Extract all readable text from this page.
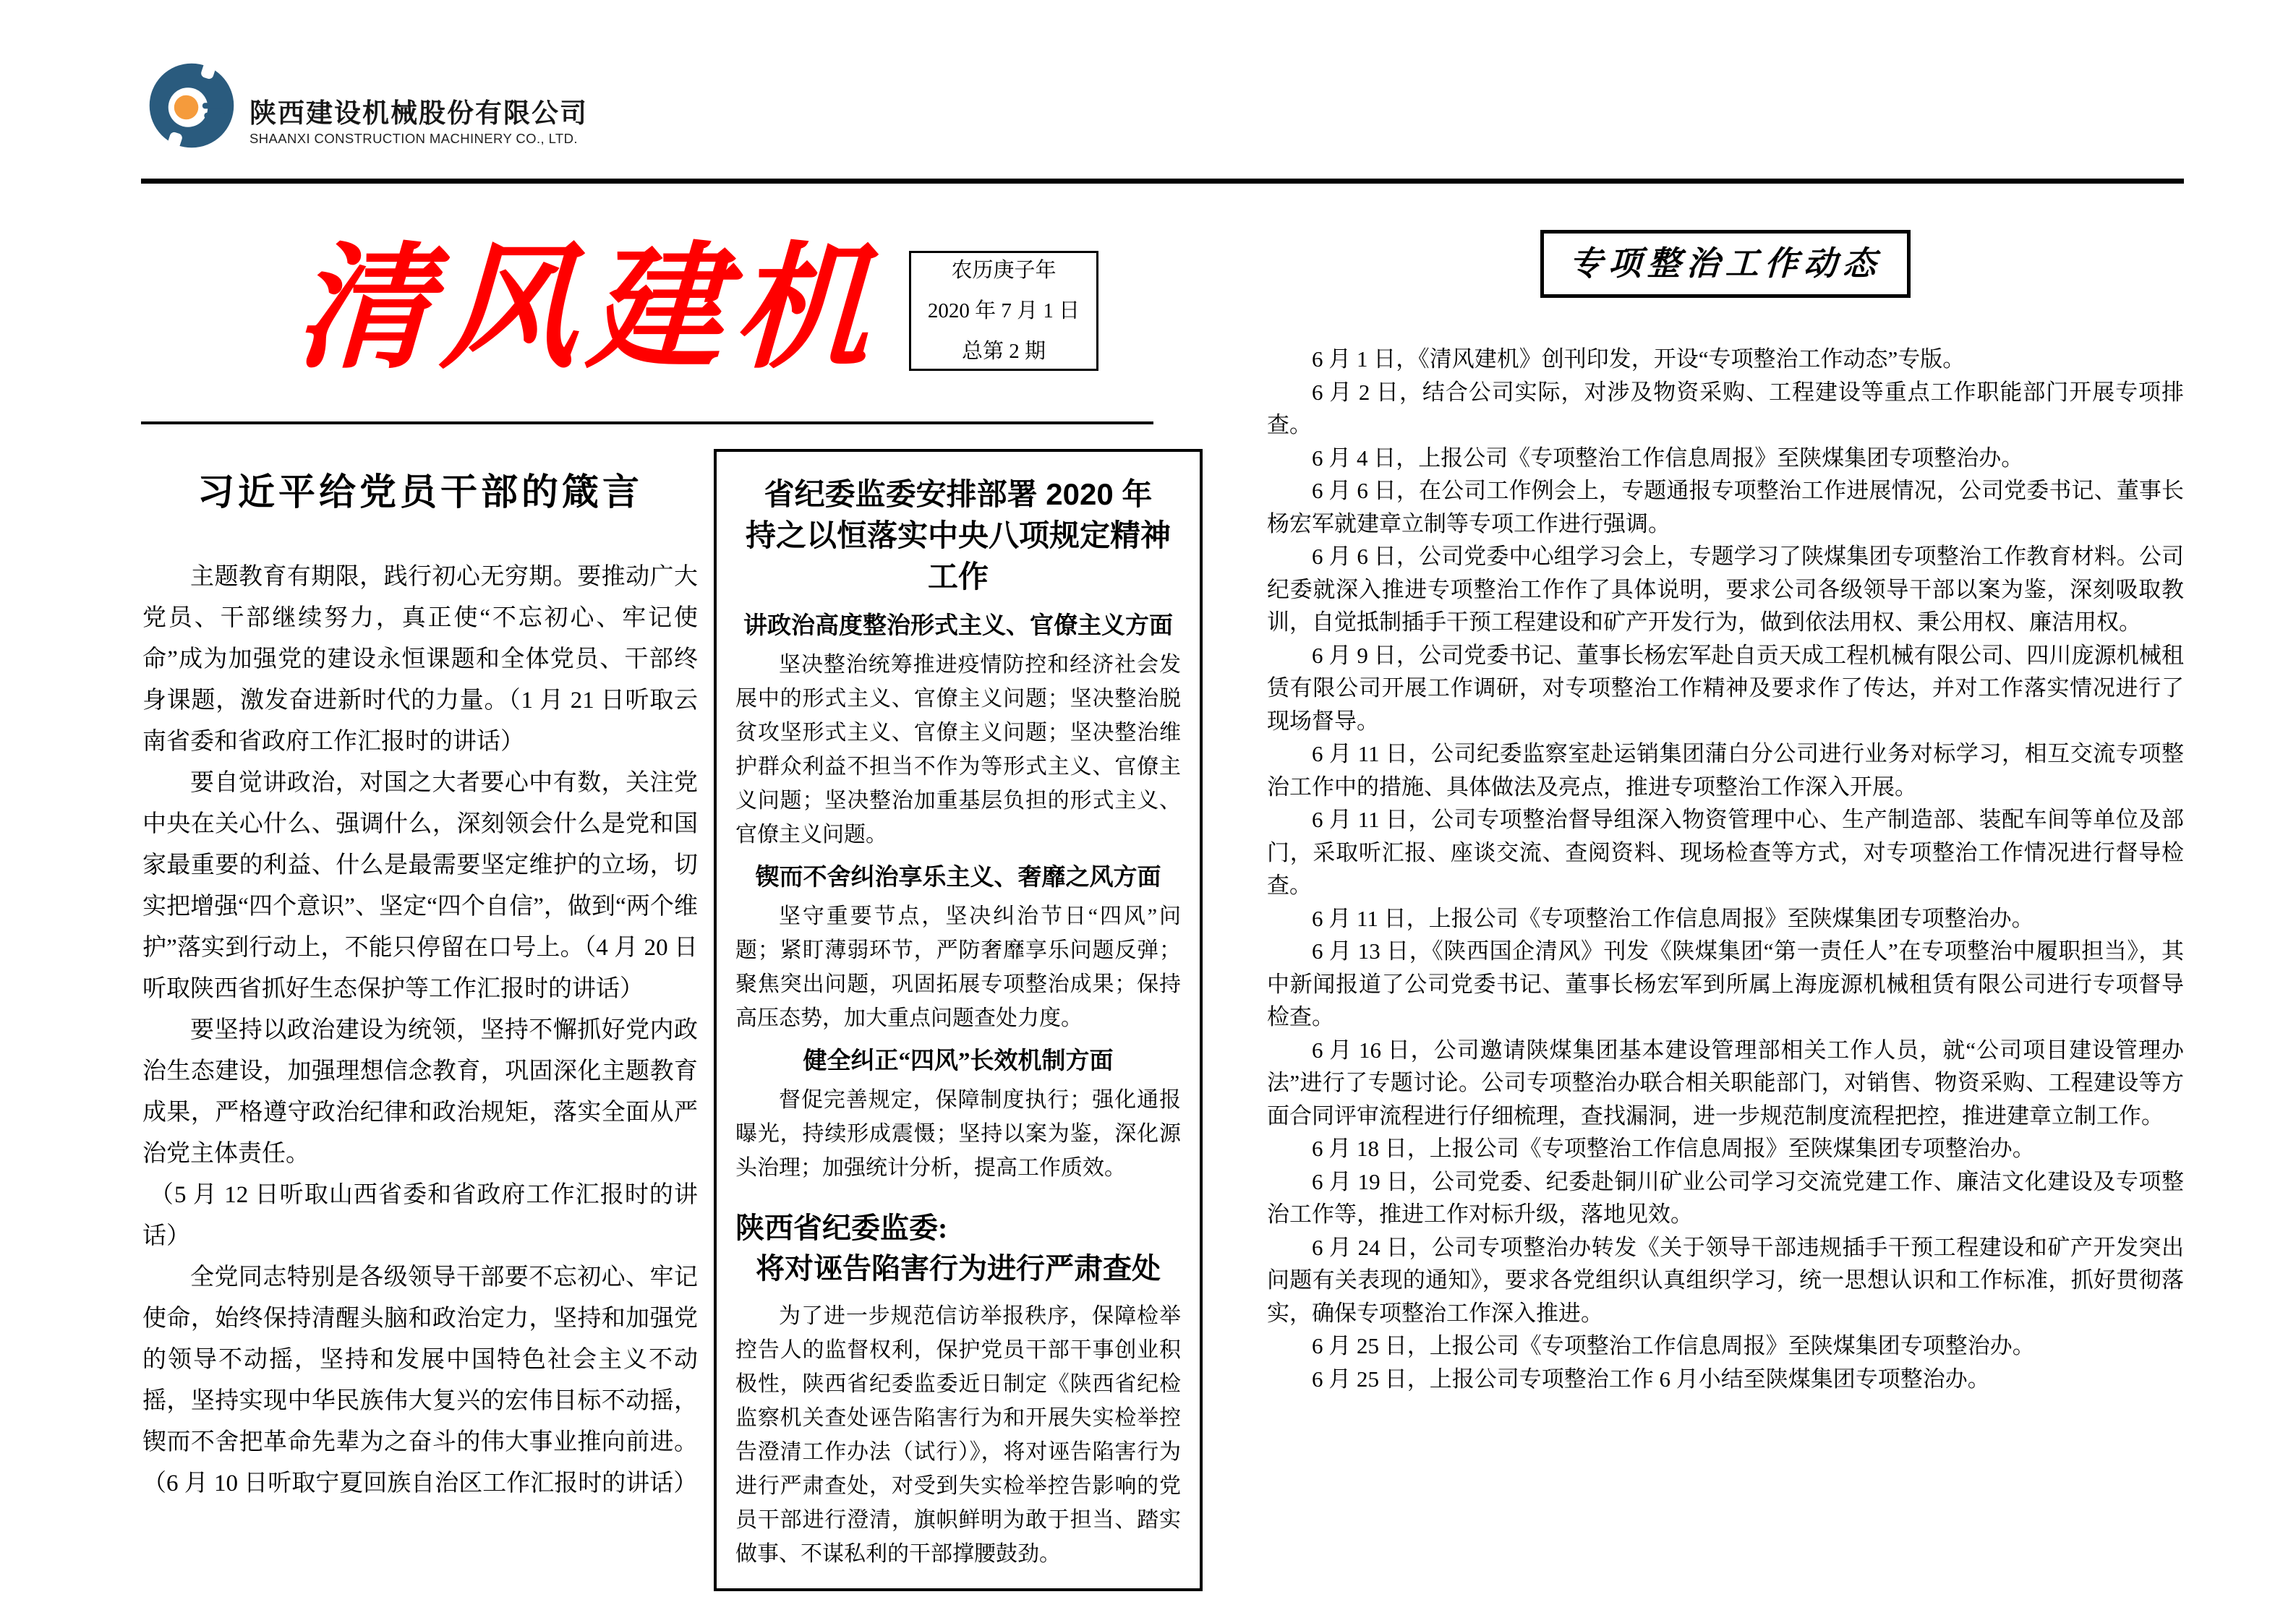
陕西建设机械股份有限公司
SHAANXI CONSTRUCTION MACHINERY CO., LTD.
清风建机	农历庚子年
2020 年 7 月 1 日
总第 2 期
习近平给党员干部的箴言

主题教育有期限，践行初心无穷期。要推动广大党员、干部继续努力，真正使“不忘初心、牢记使命”成为加强党的建设永恒课题和全体党员、干部终身课题，激发奋进新时代的力量。（1 月 21 日听取云南省委和省政府工作汇报时的讲话）

要自觉讲政治，对国之大者要心中有数，关注党中央在关心什么、强调什么，深刻领会什么是党和国家最重要的利益、什么是最需要坚定维护的立场，切实把增强“四个意识”、坚定“四个自信”，做到“两个维护”落实到行动上，不能只停留在口号上。（4 月 20 日听取陕西省抓好生态保护等工作汇报时的讲话）

要坚持以政治建设为统领，坚持不懈抓好党内政治生态建设，加强理想信念教育，巩固深化主题教育成果，严格遵守政治纪律和政治规矩，落实全面从严治党主体责任。

（5 月 12 日听取山西省委和省政府工作汇报时的讲话）

全党同志特别是各级领导干部要不忘初心、牢记使命，始终保持清醒头脑和政治定力，坚持和加强党的领导不动摇，坚持和发展中国特色社会主义不动摇，坚持实现中华民族伟大复兴的宏伟目标不动摇，锲而不舍把革命先辈为之奋斗的伟大事业推向前进。（6 月 10 日听取宁夏回族自治区工作汇报时的讲话）

省纪委监委安排部署 2020 年
持之以恒落实中央八项规定精神工作
讲政治高度整治形式主义、官僚主义方面

坚决整治统筹推进疫情防控和经济社会发展中的形式主义、官僚主义问题；坚决整治脱贫攻坚形式主义、官僚主义问题；坚决整治维护群众利益不担当不作为等形式主义、官僚主义问题；坚决整治加重基层负担的形式主义、官僚主义问题。

锲而不舍纠治享乐主义、奢靡之风方面

坚守重要节点，坚决纠治节日“四风”问题；紧盯薄弱环节，严防奢靡享乐问题反弹；聚焦突出问题，巩固拓展专项整治成果；保持高压态势，加大重点问题查处力度。

健全纠正“四风”长效机制方面

督促完善规定，保障制度执行；强化通报曝光，持续形成震慑；坚持以案为鉴，深化源头治理；加强统计分析，提高工作质效。

陕西省纪委监委:
将对诬告陷害行为进行严肃查处

为了进一步规范信访举报秩序，保障检举控告人的监督权利，保护党员干部干事创业积极性，陕西省纪委监委近日制定《陕西省纪检监察机关查处诬告陷害行为和开展失实检举控告澄清工作办法（试行）》，将对诬告陷害行为进行严肃查处，对受到失实检举控告影响的党员干部进行澄清，旗帜鲜明为敢于担当、踏实做事、不谋私利的干部撑腰鼓劲。

专项整治工作动态

6 月 1 日，《清风建机》创刊印发，开设“专项整治工作动态”专版。

6 月 2 日，结合公司实际，对涉及物资采购、工程建设等重点工作职能部门开展专项排查。

6 月 4 日，上报公司《专项整治工作信息周报》至陕煤集团专项整治办。

6 月 6 日，在公司工作例会上，专题通报专项整治工作进展情况，公司党委书记、董事长杨宏军就建章立制等专项工作进行强调。

6 月 6 日，公司党委中心组学习会上，专题学习了陕煤集团专项整治工作教育材料。公司纪委就深入推进专项整治工作作了具体说明，要求公司各级领导干部以案为鉴，深刻吸取教训，自觉抵制插手干预工程建设和矿产开发行为，做到依法用权、秉公用权、廉洁用权。

6 月 9 日，公司党委书记、董事长杨宏军赴自贡天成工程机械有限公司、四川庞源机械租赁有限公司开展工作调研，对专项整治工作精神及要求作了传达，并对工作落实情况进行了现场督导。

6 月 11 日，公司纪委监察室赴运销集团蒲白分公司进行业务对标学习，相互交流专项整治工作中的措施、具体做法及亮点，推进专项整治工作深入开展。

6 月 11 日，公司专项整治督导组深入物资管理中心、生产制造部、装配车间等单位及部门，采取听汇报、座谈交流、查阅资料、现场检查等方式，对专项整治工作情况进行督导检查。

6 月 11 日，上报公司《专项整治工作信息周报》至陕煤集团专项整治办。

6 月 13 日，《陕西国企清风》刊发《陕煤集团“第一责任人”在专项整治中履职担当》，其中新闻报道了公司党委书记、董事长杨宏军到所属上海庞源机械租赁有限公司进行专项督导检查。

6 月 16 日，公司邀请陕煤集团基本建设管理部相关工作人员，就“公司项目建设管理办法”进行了专题讨论。公司专项整治办联合相关职能部门，对销售、物资采购、工程建设等方面合同评审流程进行仔细梳理，查找漏洞，进一步规范制度流程把控，推进建章立制工作。

6 月 18 日，上报公司《专项整治工作信息周报》至陕煤集团专项整治办。

6 月 19 日，公司党委、纪委赴铜川矿业公司学习交流党建工作、廉洁文化建设及专项整治工作等，推进工作对标升级，落地见效。

6 月 24 日，公司专项整治办转发《关于领导干部违规插手干预工程建设和矿产开发突出问题有关表现的通知》，要求各党组织认真组织学习，统一思想认识和工作标准，抓好贯彻落实，确保专项整治工作深入推进。

6 月 25 日，上报公司《专项整治工作信息周报》至陕煤集团专项整治办。

6 月 25 日，上报公司专项整治工作 6 月小结至陕煤集团专项整治办。
